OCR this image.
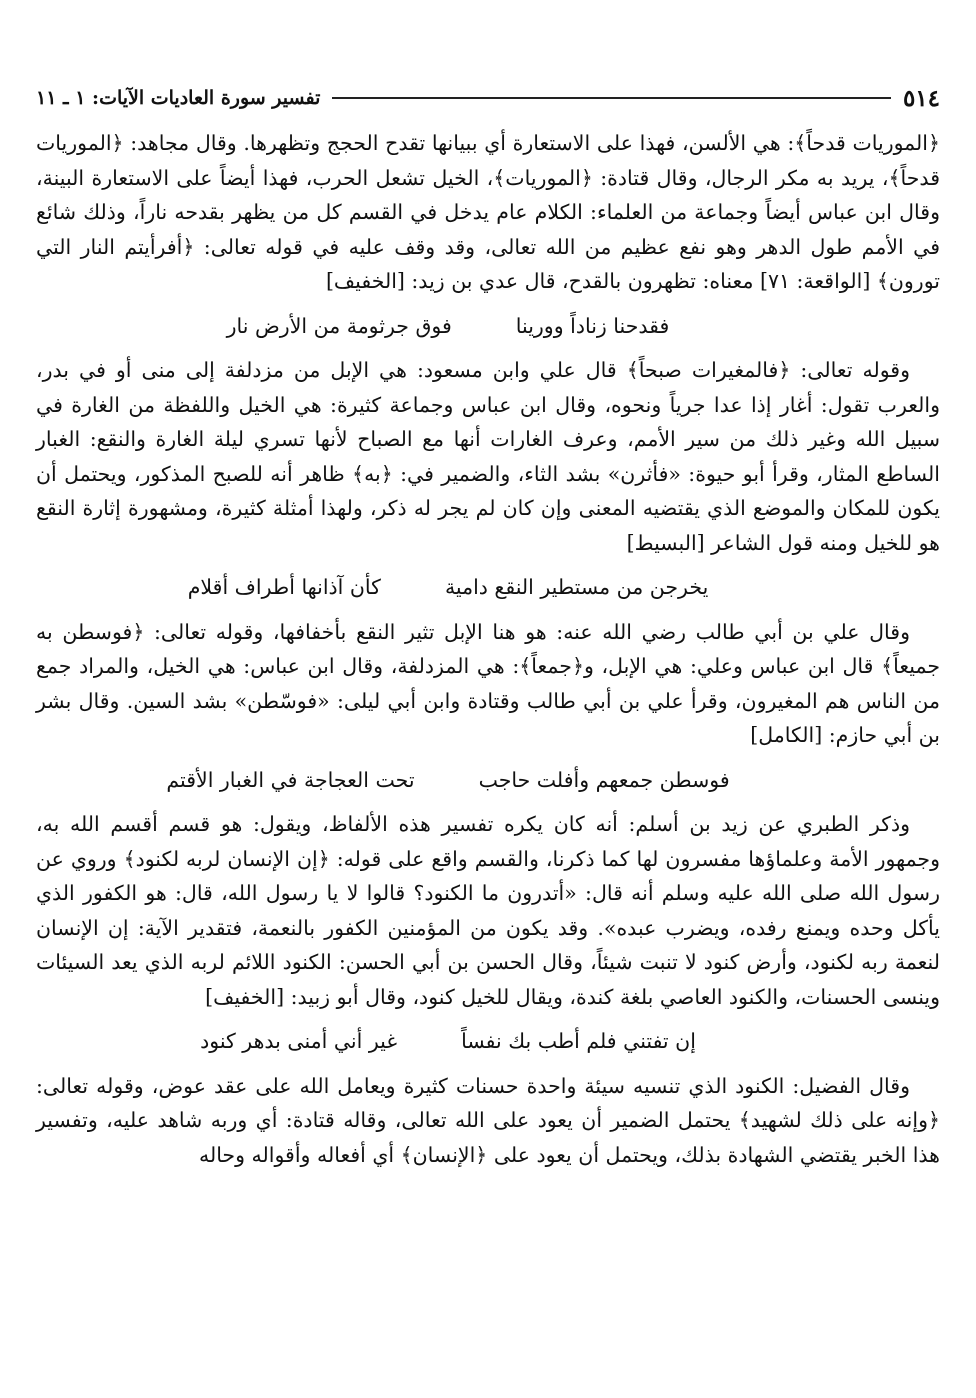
٥١٤
تفسير سورة العاديات الآيات: ١ ـ ١١

﴿الموريات قدحاً﴾: هي الألسن، فهذا على الاستعارة أي ببيانها تقدح الحجج وتظهرها. وقال مجاهد: ﴿الموريات قدحاً﴾، يريد به مكر الرجال، وقال قتادة: ﴿الموريات﴾، الخيل تشعل الحرب، فهذا أيضاً على الاستعارة البينة، وقال ابن عباس أيضاً وجماعة من العلماء: الكلام عام يدخل في القسم كل من يظهر بقدحه ناراً، وذلك شائع في الأمم طول الدهر وهو نفع عظيم من الله تعالى، وقد وقف عليه في قوله تعالى: ﴿أفرأيتم النار التي تورون﴾ [الواقعة: ٧١] معناه: تظهرون بالقدح، قال عدي بن زيد: [الخفيف]

فقدحنا زناداً وورينا
فوق جرثومة من الأرض نار

وقوله تعالى: ﴿فالمغيرات صبحاً﴾ قال علي وابن مسعود: هي الإبل من مزدلفة إلى منى أو في بدر، والعرب تقول: أغار إذا عدا جرياً ونحوه، وقال ابن عباس وجماعة كثيرة: هي الخيل واللفظة من الغارة في سبيل الله وغير ذلك من سير الأمم، وعرف الغارات أنها مع الصباح لأنها تسري ليلة الغارة والنقع: الغبار الساطع المثار، وقرأ أبو حيوة: «فأثرن» بشد الثاء، والضمير في: ﴿به﴾ ظاهر أنه للصبح المذكور، ويحتمل أن يكون للمكان والموضع الذي يقتضيه المعنى وإن كان لم يجر له ذكر، ولهذا أمثلة كثيرة، ومشهورة إثارة النقع هو للخيل ومنه قول الشاعر [البسيط]

يخرجن من مستطير النقع دامية
كأن آذانها أطراف أقلام

وقال علي بن أبي طالب رضي الله عنه: هو هنا الإبل تثير النقع بأخفافها، وقوله تعالى: ﴿فوسطن به جميعاً﴾ قال ابن عباس وعلي: هي الإبل، و﴿جمعاً﴾: هي المزدلفة، وقال ابن عباس: هي الخيل، والمراد جمع من الناس هم المغيرون، وقرأ علي بن أبي طالب وقتادة وابن أبي ليلى: «فوسّطن» بشد السين. وقال بشر بن أبي حازم: [الكامل]

فوسطن جمعهم وأفلت حاجب
تحت العجاجة في الغبار الأقتم

وذكر الطبري عن زيد بن أسلم: أنه كان يكره تفسير هذه الألفاظ، ويقول: هو قسم أقسم الله به، وجمهور الأمة وعلماؤها مفسرون لها كما ذكرنا، والقسم واقع على قوله: ﴿إن الإنسان لربه لكنود﴾ وروي عن رسول الله صلى الله عليه وسلم أنه قال: «أتدرون ما الكنود؟ قالوا لا يا رسول الله، قال: هو الكفور الذي يأكل وحده ويمنع رفده، ويضرب عبده». وقد يكون من المؤمنين الكفور بالنعمة، فتقدير الآية: إن الإنسان لنعمة ربه لكنود، وأرض كنود لا تنبت شيئاً، وقال الحسن بن أبي الحسن: الكنود اللائم لربه الذي يعد السيئات وينسى الحسنات، والكنود العاصي بلغة كندة، ويقال للخيل كنود، وقال أبو زبيد: [الخفيف]

إن تفتني فلم أطب بك نفساً
غير أني أمنى بدهر كنود

وقال الفضيل: الكنود الذي تنسيه سيئة واحدة حسنات كثيرة ويعامل الله على عقد عوض، وقوله تعالى: ﴿وإنه على ذلك لشهيد﴾ يحتمل الضمير أن يعود على الله تعالى، وقاله قتادة: أي وربه شاهد عليه، وتفسير هذا الخبر يقتضي الشهادة بذلك، ويحتمل أن يعود على ﴿الإنسان﴾ أي أفعاله وأقواله وحاله
